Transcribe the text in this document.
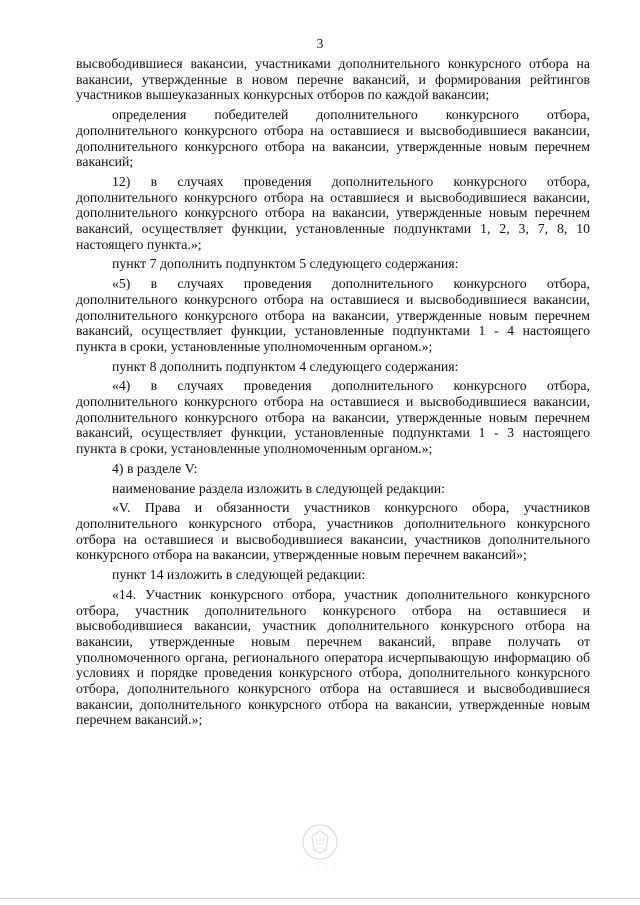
3

высвободившиеся вакансии, участниками дополнительного конкурсного отбора на вакансии, утвержденные в новом перечне вакансий, и формирования рейтингов участников вышеуказанных конкурсных отборов по каждой вакансии;

определения победителей дополнительного конкурсного отбора, дополнительного конкурсного отбора на оставшиеся и высвободившиеся вакансии, дополнительного конкурсного отбора на вакансии, утвержденные новым перечнем вакансий;

12) в случаях проведения дополнительного конкурсного отбора, дополнительного конкурсного отбора на оставшиеся и высвободившиеся вакансии, дополнительного конкурсного отбора на вакансии, утвержденные новым перечнем вакансий, осуществляет функции, установленные подпунктами 1, 2, 3, 7, 8, 10 настоящего пункта.»;

пункт 7 дополнить подпунктом 5 следующего содержания:

«5) в случаях проведения дополнительного конкурсного отбора, дополнительного конкурсного отбора на оставшиеся и высвободившиеся вакансии, дополнительного конкурсного отбора на вакансии, утвержденные новым перечнем вакансий, осуществляет функции, установленные подпунктами 1 - 4 настоящего пункта в сроки, установленные уполномоченным органом.»;

пункт 8 дополнить подпунктом 4 следующего содержания:

«4) в случаях проведения дополнительного конкурсного отбора, дополнительного конкурсного отбора на оставшиеся и высвободившиеся вакансии, дополнительного конкурсного отбора на вакансии, утвержденные новым перечнем вакансий, осуществляет функции, установленные подпунктами 1 - 3 настоящего пункта в сроки, установленные уполномоченным органом.»;

4) в разделе V:

наименование раздела изложить в следующей редакции:

«V. Права и обязанности участников конкурсного обора, участников дополнительного конкурсного отбора, участников дополнительного конкурсного отбора на оставшиеся и высвободившиеся вакансии, участников дополнительного конкурсного отбора на вакансии, утвержденные новым перечнем вакансий»;

пункт 14 изложить в следующей редакции:

«14. Участник конкурсного отбора, участник дополнительного конкурсного отбора, участник дополнительного конкурсного отбора на оставшиеся и высвободившиеся вакансии, участник дополнительного конкурсного отбора на вакансии, утвержденные новым перечнем вакансий, вправе получать от уполномоченного органа, регионального оператора исчерпывающую информацию об условиях и порядке проведения конкурсного отбора, дополнительного конкурсного отбора, дополнительного конкурсного отбора на оставшиеся и высвободившиеся вакансии, дополнительного конкурсного отбора на вакансии, утвержденные новым перечнем вакансий.»;

· · · · ·
